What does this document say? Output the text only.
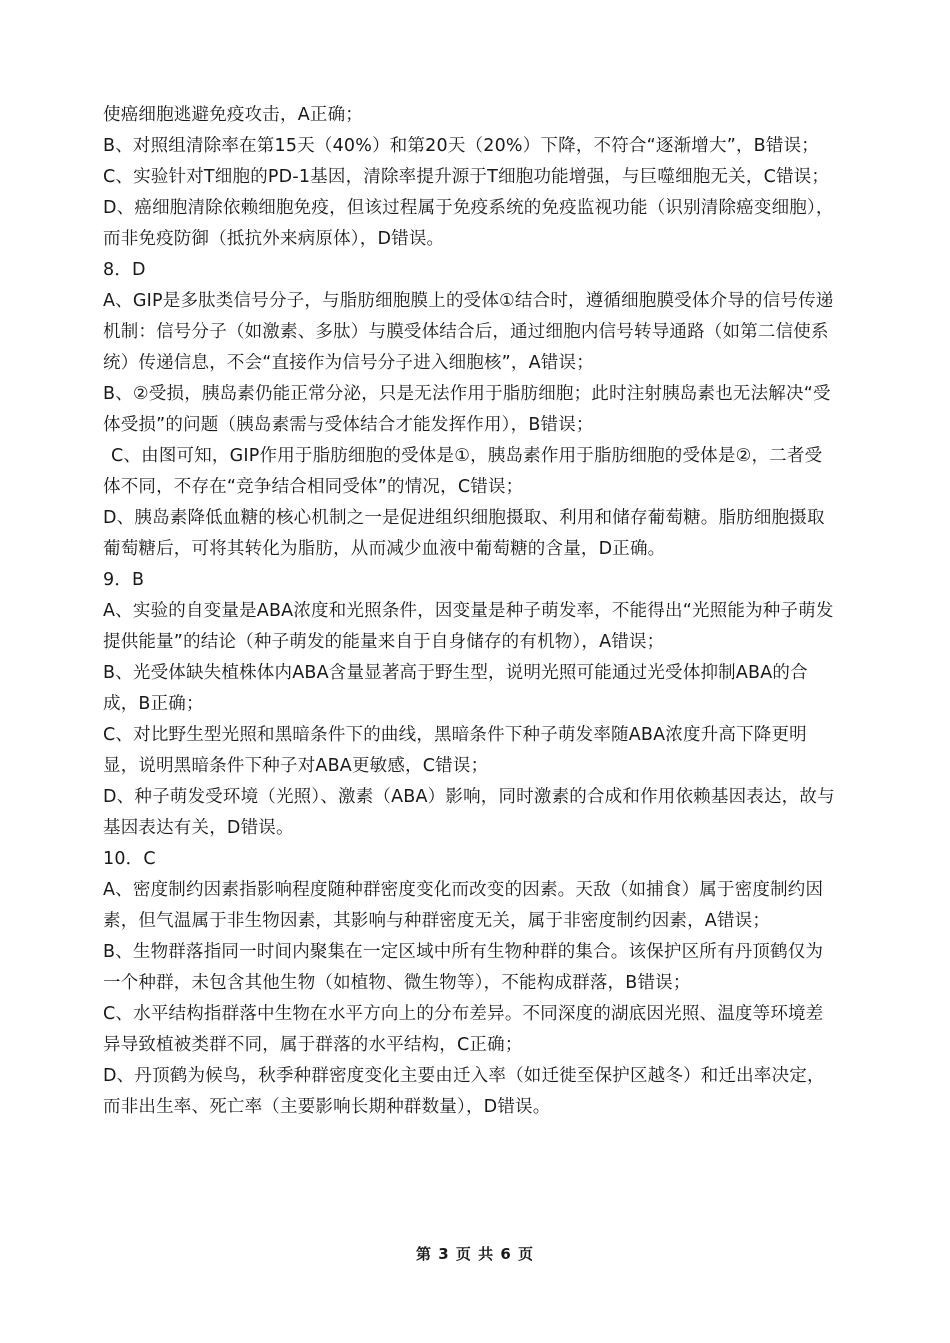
使癌细胞逃避免疫攻击，A正确；

B、对照组清除率在第15天（40%）和第20天（20%）下降，不符合“逐渐增大”，B错误；

C、实验针对T细胞的PD-1基因，清除率提升源于T细胞功能增强，与巨噬细胞无关，C错误；

D、癌细胞清除依赖细胞免疫，但该过程属于免疫系统的免疫监视功能（识别清除癌变细胞），而非免疫防御（抵抗外来病原体），D错误。

8．D

A、GIP是多肽类信号分子，与脂肪细胞膜上的受体①结合时，遵循细胞膜受体介导的信号传递机制：信号分子（如激素、多肽）与膜受体结合后，通过细胞内信号转导通路（如第二信使系统）传递信息，不会“直接作为信号分子进入细胞核”，A错误；

B、②受损，胰岛素仍能正常分泌，只是无法作用于脂肪细胞；此时注射胰岛素也无法解决“受体受损”的问题（胰岛素需与受体结合才能发挥作用），B错误；

C、由图可知，GIP作用于脂肪细胞的受体是①，胰岛素作用于脂肪细胞的受体是②，二者受体不同，不存在“竞争结合相同受体”的情况，C错误；

D、胰岛素降低血糖的核心机制之一是促进组织细胞摄取、利用和储存葡萄糖。脂肪细胞摄取葡萄糖后，可将其转化为脂肪，从而减少血液中葡萄糖的含量，D正确。

9．B

A、实验的自变量是ABA浓度和光照条件，因变量是种子萌发率，不能得出“光照能为种子萌发提供能量”的结论（种子萌发的能量来自于自身储存的有机物），A错误；

B、光受体缺失植株体内ABA含量显著高于野生型，说明光照可能通过光受体抑制ABA的合成，B正确；

C、对比野生型光照和黑暗条件下的曲线，黑暗条件下种子萌发率随ABA浓度升高下降更明显，说明黑暗条件下种子对ABA更敏感，C错误；

D、种子萌发受环境（光照）、激素（ABA）影响，同时激素的合成和作用依赖基因表达，故与基因表达有关，D错误。

10．C

A、密度制约因素指影响程度随种群密度变化而改变的因素。天敌（如捕食）属于密度制约因素，但气温属于非生物因素，其影响与种群密度无关，属于非密度制约因素，A错误；

B、生物群落指同一时间内聚集在一定区域中所有生物种群的集合。该保护区所有丹顶鹤仅为一个种群，未包含其他生物（如植物、微生物等），不能构成群落，B错误；

C、水平结构指群落中生物在水平方向上的分布差异。不同深度的湖底因光照、温度等环境差异导致植被类群不同，属于群落的水平结构，C正确；

D、丹顶鹤为候鸟，秋季种群密度变化主要由迁入率（如迁徙至保护区越冬）和迁出率决定，而非出生率、死亡率（主要影响长期种群数量），D错误。

第 3 页 共 6 页
